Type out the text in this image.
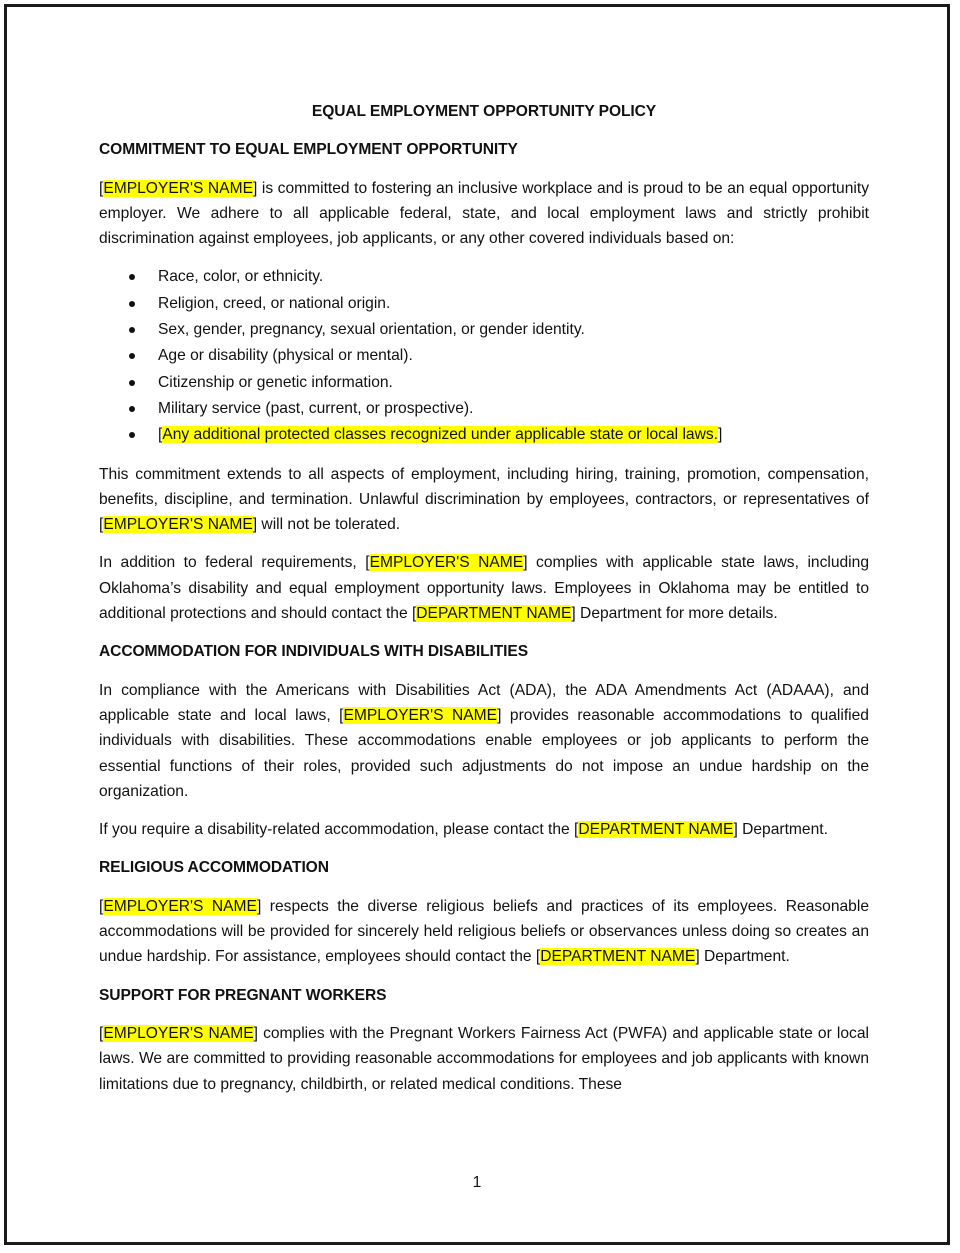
EQUAL EMPLOYMENT OPPORTUNITY POLICY
COMMITMENT TO EQUAL EMPLOYMENT OPPORTUNITY

[EMPLOYER'S NAME] is committed to fostering an inclusive workplace and is proud to be an equal opportunity employer. We adhere to all applicable federal, state, and local employment laws and strictly prohibit discrimination against employees, job applicants, or any other covered individuals based on:

Race, color, or ethnicity.
Religion, creed, or national origin.
Sex, gender, pregnancy, sexual orientation, or gender identity.
Age or disability (physical or mental).
Citizenship or genetic information.
Military service (past, current, or prospective).
[Any additional protected classes recognized under applicable state or local laws.]

This commitment extends to all aspects of employment, including hiring, training, promotion, compensation, benefits, discipline, and termination. Unlawful discrimination by employees, contractors, or representatives of [EMPLOYER'S NAME] will not be tolerated.

In addition to federal requirements, [EMPLOYER'S NAME] complies with applicable state laws, including Oklahoma’s disability and equal employment opportunity laws. Employees in Oklahoma may be entitled to additional protections and should contact the [DEPARTMENT NAME] Department for more details.

ACCOMMODATION FOR INDIVIDUALS WITH DISABILITIES

In compliance with the Americans with Disabilities Act (ADA), the ADA Amendments Act (ADAAA), and applicable state and local laws, [EMPLOYER'S NAME] provides reasonable accommodations to qualified individuals with disabilities. These accommodations enable employees or job applicants to perform the essential functions of their roles, provided such adjustments do not impose an undue hardship on the organization.

If you require a disability-related accommodation, please contact the [DEPARTMENT NAME] Department.

RELIGIOUS ACCOMMODATION

[EMPLOYER'S NAME] respects the diverse religious beliefs and practices of its employees. Reasonable accommodations will be provided for sincerely held religious beliefs or observances unless doing so creates an undue hardship. For assistance, employees should contact the [DEPARTMENT NAME] Department.

SUPPORT FOR PREGNANT WORKERS

[EMPLOYER'S NAME] complies with the Pregnant Workers Fairness Act (PWFA) and applicable state or local laws. We are committed to providing reasonable accommodations for employees and job applicants with known limitations due to pregnancy, childbirth, or related medical conditions. These

1
